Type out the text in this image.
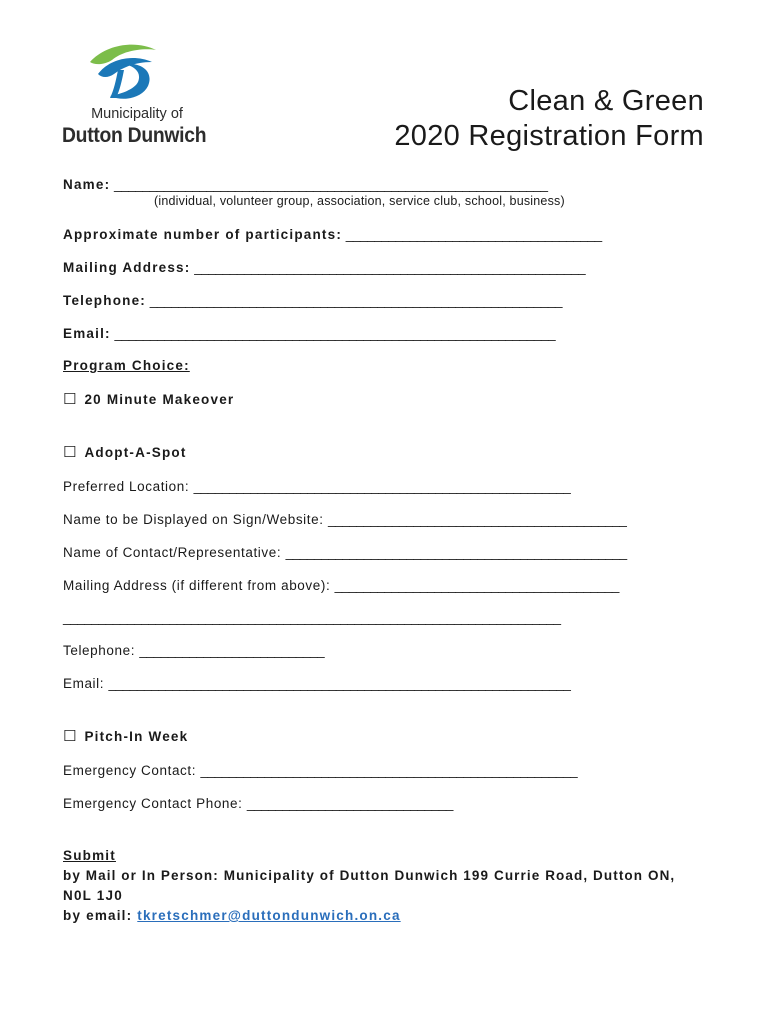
Municipality of
Dutton Dunwich
Clean & Green
2020 Registration Form
Name: _____________________________________________________________
(individual, volunteer group, association, service club, school, business)
Approximate number of participants: ____________________________________
Mailing Address: _______________________________________________________
Telephone: __________________________________________________________
Email: ______________________________________________________________
Program Choice:
☐ 20 Minute Makeover
☐ Adopt-A-Spot
Preferred Location: _____________________________________________________
Name to be Displayed on Sign/Website: __________________________________________
Name of Contact/Representative: ________________________________________________
Mailing Address (if different from above): ________________________________________
______________________________________________________________________
Telephone: __________________________
Email: _________________________________________________________________
☐ Pitch-In Week
Emergency Contact: _____________________________________________________
Emergency Contact Phone: _____________________________
Submit
by Mail or In Person: Municipality of Dutton Dunwich 199 Currie Road, Dutton ON,
N0L 1J0
by email: tkretschmer@duttondunwich.on.ca
